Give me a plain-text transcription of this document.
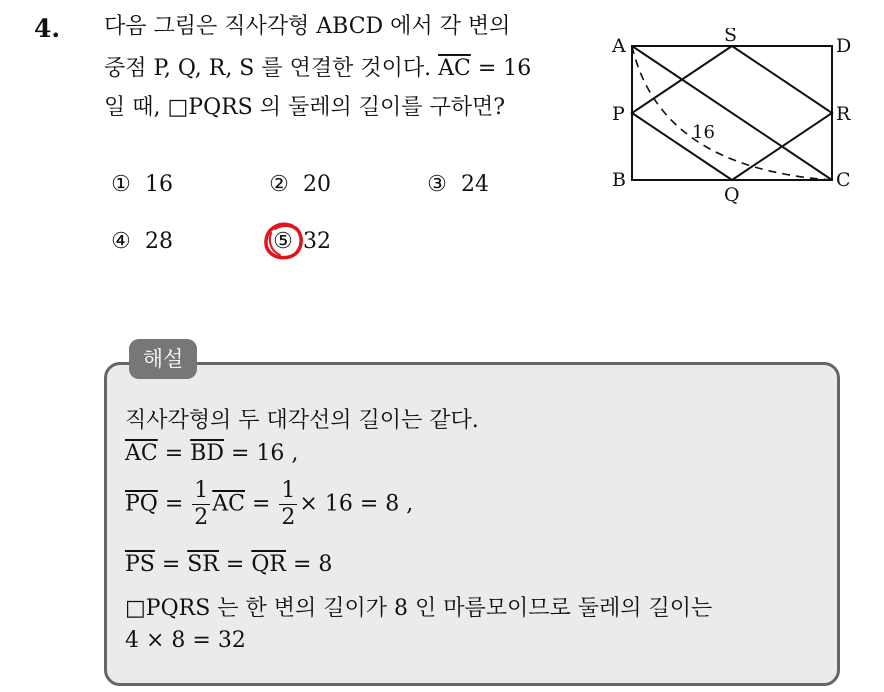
4. 다음 그림은 직사각형 ABCD 에서 각 변의
중점 P, Q, R, S 를 연결한 것이다. $\overline{AC} = 16$
일 때, □PQRS 의 둘레의 길이를 구하면?
① 16	② 20	③ 24
④ 28	⑤ 32
A
B	C
D
P
Q
R
S
16
해설
직사각형의 두 대각선의 길이는 같다.
$\overline{AC} = \overline{BD} = 16$ ,
$\overline{PQ} = \frac{1}{2} \overline{AC} = \frac{1}{2} \times 16 = 8$ ,
$\overline{PS} = \overline{SR} = \overline{QR} = 8$
□PQRS 는 한 변의 길이가 8 인 마름모이므로 둘레의 길이는
4 × 8 = 32
